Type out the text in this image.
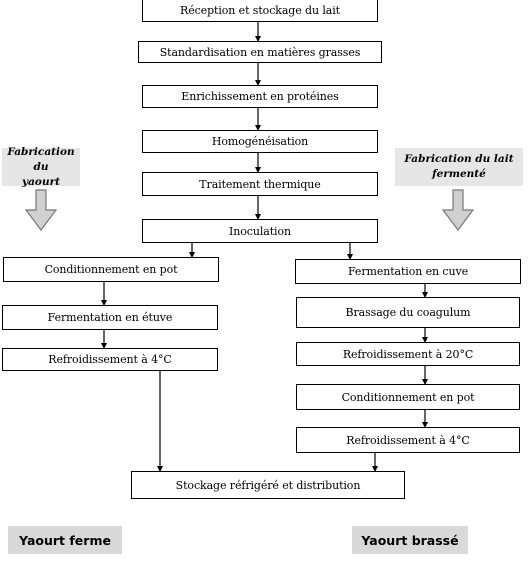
Réception et stockage du lait
Standardisation en matières grasses
Enrichissement en protéines
Homogénéisation
Traitement thermique
Inoculation
Conditionnement en pot
Fermentation en étuve
Refroidissement à 4°C
Fermentation en cuve
Brassage du coagulum
Refroidissement à 20°C
Conditionnement en pot
Refroidissement à 4°C
Stockage réfrigéré et distribution
Fabrication du
yaourt
Fabrication du lait
fermenté
Yaourt ferme	Yaourt brassé
